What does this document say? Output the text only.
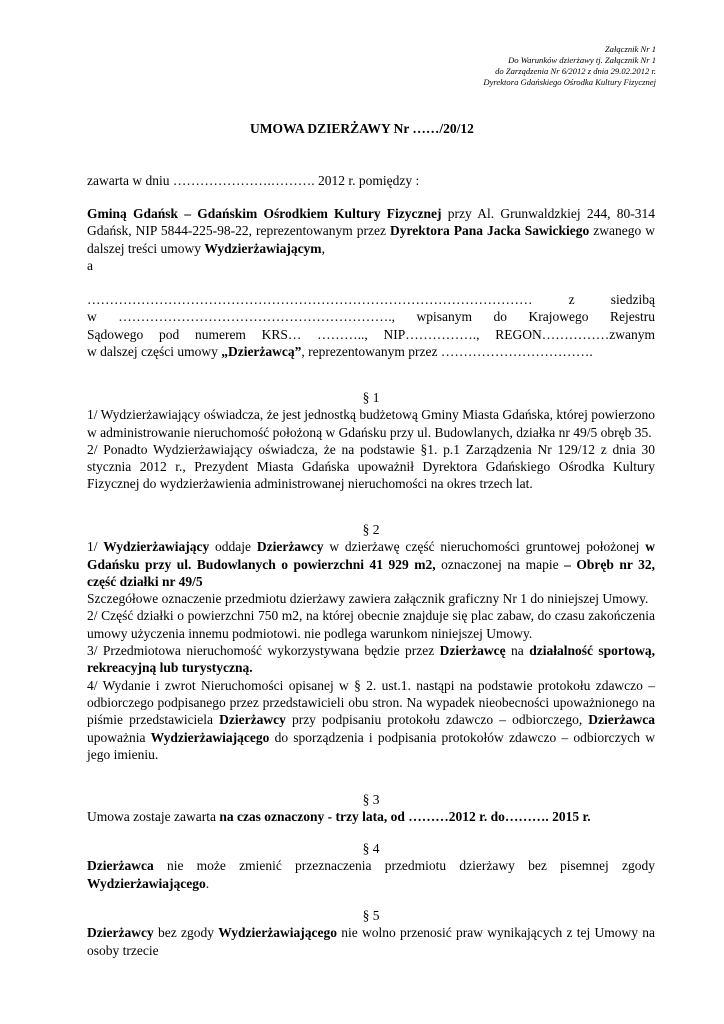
Załącznik Nr 1
Do Warunków dzierżawy tj. Załącznik Nr 1
do Zarządzenia Nr 6/2012 z dnia 29.02.2012 r.
Dyrektora Gdańskiego Ośrodka Kultury Fizycznej
UMOWA DZIERŻAWY Nr ……/20/12

zawarta w dniu ………………….………. 2012 r. pomiędzy :

Gminą Gdańsk – Gdańskim Ośrodkiem Kultury Fizycznej przy Al. Grunwaldzkiej 244, 80-314 Gdańsk, NIP 5844-225-98-22, reprezentowanym przez Dyrektora Pana Jacka Sawickiego zwanego w dalszej treści umowy Wydzierżawiającym,

a

……………………………………………………………………………………… z siedzibą

w ……………………………………………………., wpisanym do Krajowego Rejestru

Sądowego pod numerem KRS… ……….., NIP……………., REGON……………zwanym

w dalszej części umowy „Dzierżawcą”, reprezentowanym przez …………………………….

§ 1

1/ Wydzierżawiający oświadcza, że jest jednostką budżetową Gminy Miasta Gdańska, której powierzono w administrowanie nieruchomość położoną w Gdańsku przy ul. Budowlanych, działka nr 49/5 obręb 35.

2/ Ponadto Wydzierżawiający oświadcza, że na podstawie §1. p.1 Zarządzenia Nr 129/12 z dnia 30 stycznia 2012 r., Prezydent Miasta Gdańska upoważnił Dyrektora Gdańskiego Ośrodka Kultury Fizycznej do wydzierżawienia administrowanej nieruchomości na okres trzech lat.

§ 2

1/ Wydzierżawiający oddaje Dzierżawcy w dzierżawę część nieruchomości gruntowej położonej w Gdańsku przy ul. Budowlanych o powierzchni 41 929 m2, oznaczonej na mapie – Obręb nr 32, część działki nr 49/5

Szczegółowe oznaczenie przedmiotu dzierżawy zawiera załącznik graficzny Nr 1 do niniejszej Umowy.

2/ Część działki o powierzchni 750 m2, na której obecnie znajduje się plac zabaw, do czasu zakończenia umowy użyczenia innemu podmiotowi. nie podlega warunkom niniejszej Umowy.

3/ Przedmiotowa nieruchomość wykorzystywana będzie przez Dzierżawcę na działalność sportową, rekreacyjną lub turystyczną.

4/ Wydanie i zwrot Nieruchomości opisanej w § 2. ust.1. nastąpi na podstawie protokołu zdawczo – odbiorczego podpisanego przez przedstawicieli obu stron. Na wypadek nieobecności upoważnionego na piśmie przedstawiciela Dzierżawcy przy podpisaniu protokołu zdawczo – odbiorczego, Dzierżawca upoważnia Wydzierżawiającego do sporządzenia i podpisania protokołów zdawczo – odbiorczych w jego imieniu.

§ 3

Umowa zostaje zawarta na czas oznaczony - trzy lata, od ………2012 r. do………. 2015 r.

§ 4

Dzierżawca nie może zmienić przeznaczenia przedmiotu dzierżawy bez pisemnej zgody Wydzierżawiającego.

§ 5

Dzierżawcy bez zgody Wydzierżawiającego nie wolno przenosić praw wynikających z tej Umowy na osoby trzecie
